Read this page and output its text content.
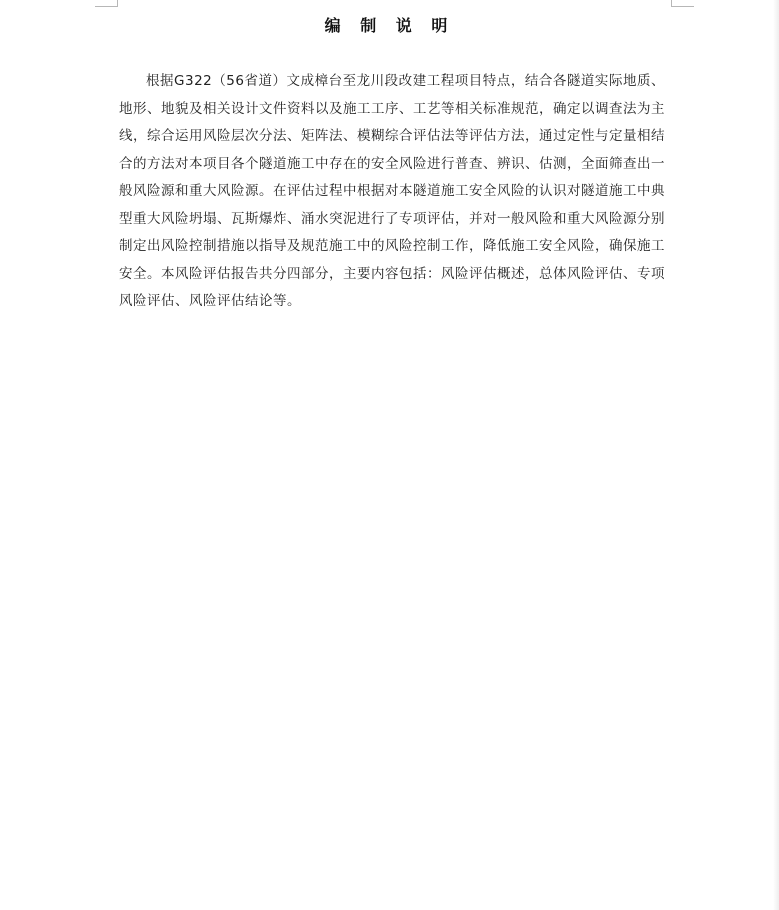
编 制 说 明

根据G322（56省道）文成樟台至龙川段改建工程项目特点，结合各隧道实际地质、地形、地貌及相关设计文件资料以及施工工序、工艺等相关标准规范，确定以调查法为主线，综合运用风险层次分法、矩阵法、模糊综合评估法等评估方法，通过定性与定量相结合的方法对本项目各个隧道施工中存在的安全风险进行普查、辨识、估测，全面筛查出一般风险源和重大风险源。在评估过程中根据对本隧道施工安全风险的认识对隧道施工中典型重大风险坍塌、瓦斯爆炸、涌水突泥进行了专项评估，并对一般风险和重大风险源分别制定出风险控制措施以指导及规范施工中的风险控制工作，降低施工安全风险，确保施工安全。本风险评估报告共分四部分，主要内容包括：风险评估概述，总体风险评估、专项风险评估、风险评估结论等。
